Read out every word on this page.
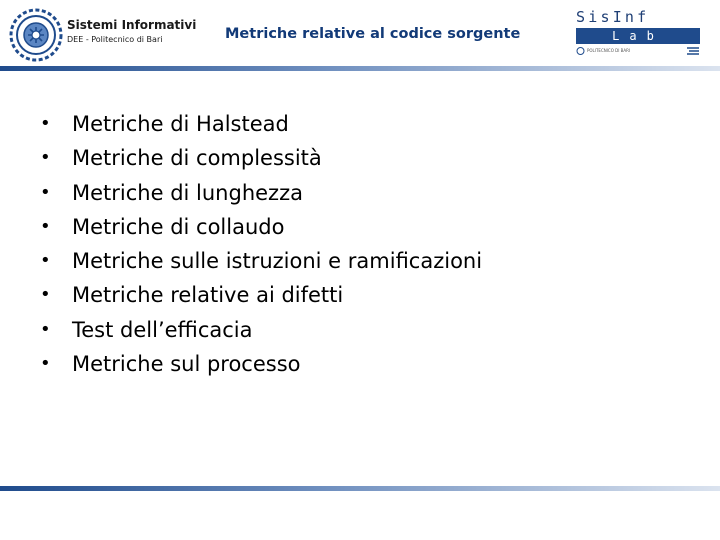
Sistemi Informativi
DEE - Politecnico di Bari	Metriche relative al codice sorgente
SisInf
Lab
POLITECNICO DI BARI
• Metriche di Halstead
• Metriche di complessità
• Metriche di lunghezza
• Metriche di collaudo
• Metriche sulle istruzioni e ramificazioni
• Metriche relative ai difetti
• Test dell’efficacia
• Metriche sul processo
